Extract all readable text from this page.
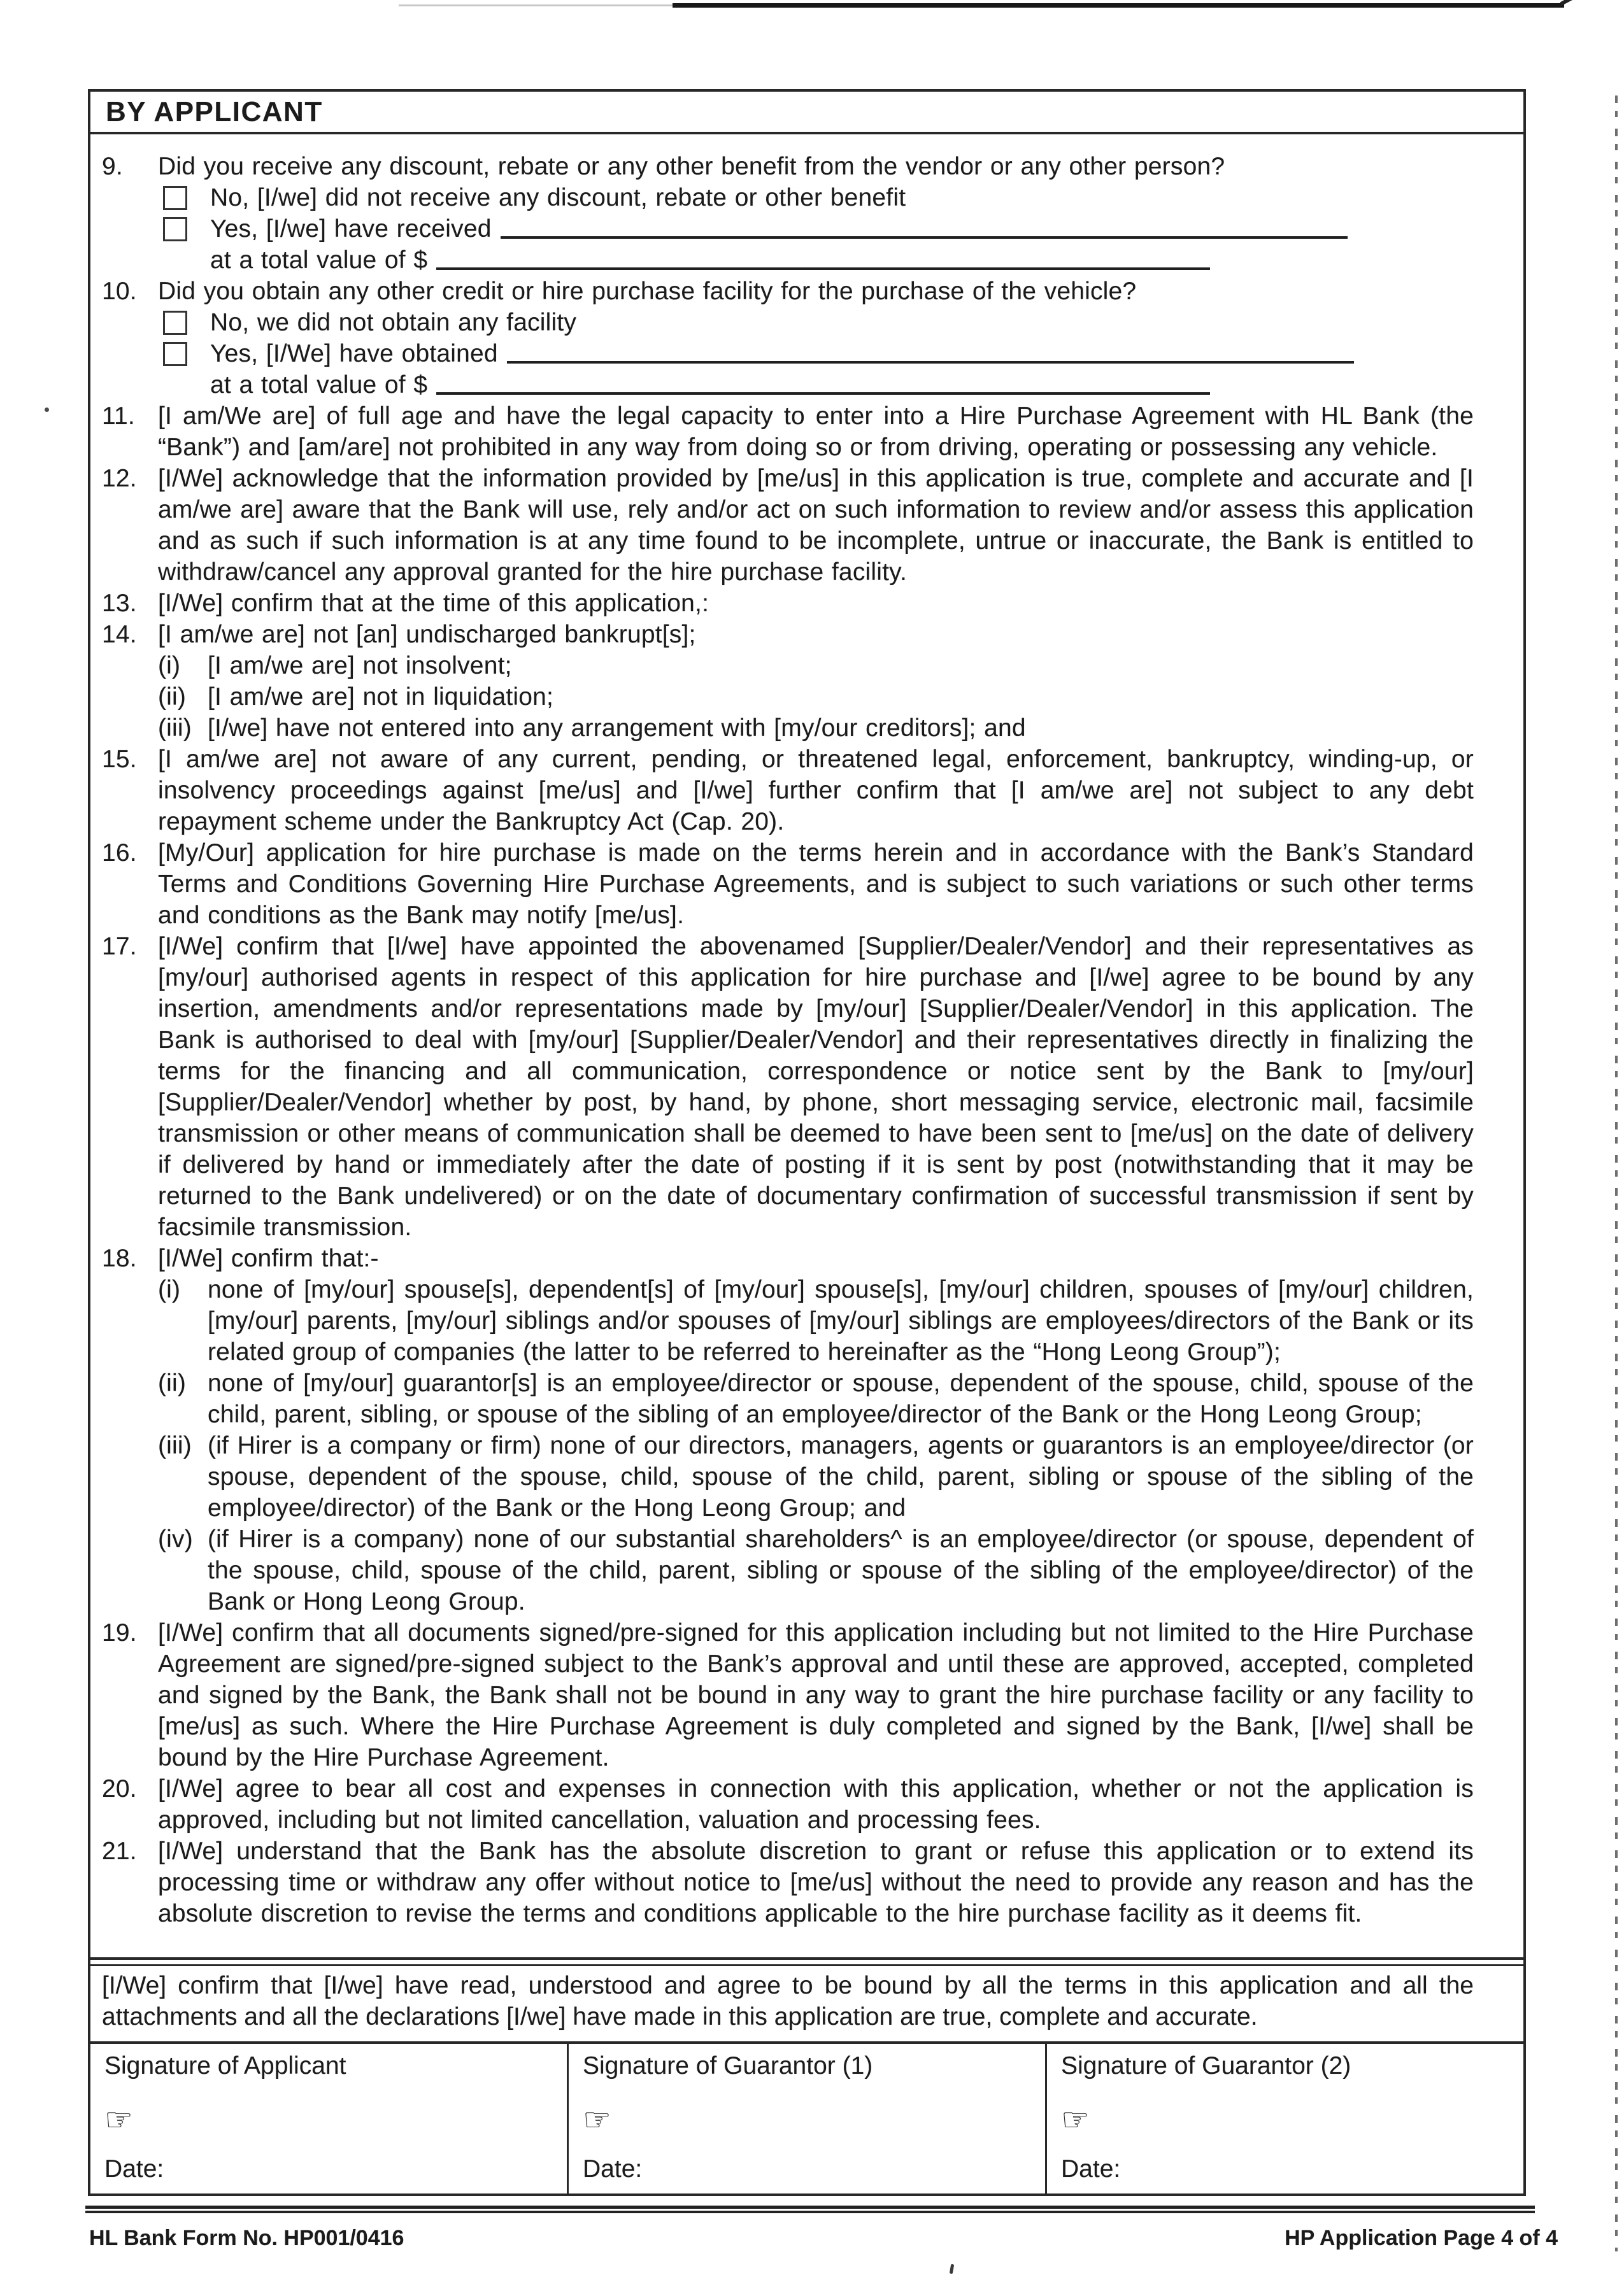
BY APPLICANT
9.	Did you receive any discount, rebate or any other benefit from the vendor or any other person?
No, [I/we] did not receive any discount, rebate or other benefit
Yes, [I/we] have received
at a total value of $
10. Did you obtain any other credit or hire purchase facility for the purchase of the vehicle?
No, we did not obtain any facility
Yes, [I/We] have obtained
at a total value of $
11. [I am/We are] of full age and have the legal capacity to enter into a Hire Purchase Agreement with HL Bank (the “Bank”) and [am/are] not prohibited in any way from doing so or from driving, operating or possessing any vehicle.
12. [I/We] acknowledge that the information provided by [me/us] in this application is true, complete and accurate and [I am/we are] aware that the Bank will use, rely and/or act on such information to review and/or assess this application and as such if such information is at any time found to be incomplete, untrue or inaccurate, the Bank is entitled to withdraw/cancel any approval granted for the hire purchase facility.
13. [I/We] confirm that at the time of this application,:
14. [I am/we are] not [an] undischarged bankrupt[s];
(i)	[I am/we are] not insolvent;
(ii) [I am/we are] not in liquidation;
(iii) [I/we] have not entered into any arrangement with [my/our creditors]; and
15. [I am/we are] not aware of any current, pending, or threatened legal, enforcement, bankruptcy, winding-up, or insolvency proceedings against [me/us] and [I/we] further confirm that [I am/we are] not subject to any debt repayment scheme under the Bankruptcy Act (Cap. 20).
16. [My/Our] application for hire purchase is made on the terms herein and in accordance with the Bank’s Standard Terms and Conditions Governing Hire Purchase Agreements, and is subject to such variations or such other terms and conditions as the Bank may notify [me/us].
17. [I/We] confirm that [I/we] have appointed the abovenamed [Supplier/Dealer/Vendor] and their representatives as [my/our] authorised agents in respect of this application for hire purchase and [I/we] agree to be bound by any insertion, amendments and/or representations made by [my/our] [Supplier/Dealer/Vendor] in this application. The Bank is authorised to deal with [my/our] [Supplier/Dealer/Vendor] and their representatives directly in finalizing the terms for the financing and all communication, correspondence or notice sent by the Bank to [my/our] [Supplier/Dealer/Vendor] whether by post, by hand, by phone, short messaging service, electronic mail, facsimile transmission or other means of communication shall be deemed to have been sent to [me/us] on the date of delivery if delivered by hand or immediately after the date of posting if it is sent by post (notwithstanding that it may be returned to the Bank undelivered) or on the date of documentary confirmation of successful transmission if sent by facsimile transmission.
18. [I/We] confirm that:-
(i)	none of [my/our] spouse[s], dependent[s] of [my/our] spouse[s], [my/our] children, spouses of [my/our] children, [my/our] parents, [my/our] siblings and/or spouses of [my/our] siblings are employees/directors of the Bank or its related group of companies (the latter to be referred to hereinafter as the “Hong Leong Group”);
(ii) none of [my/our] guarantor[s] is an employee/director or spouse, dependent of the spouse, child, spouse of the child, parent, sibling, or spouse of the sibling of an employee/director of the Bank or the Hong Leong Group;
(iii) (if Hirer is a company or firm) none of our directors, managers, agents or guarantors is an employee/director (or spouse, dependent of the spouse, child, spouse of the child, parent, sibling or spouse of the sibling of the employee/director) of the Bank or the Hong Leong Group; and
(iv) (if Hirer is a company) none of our substantial shareholders^ is an employee/director (or spouse, dependent of the spouse, child, spouse of the child, parent, sibling or spouse of the sibling of the employee/director) of the Bank or Hong Leong Group.
19. [I/We] confirm that all documents signed/pre-signed for this application including but not limited to the Hire Purchase Agreement are signed/pre-signed subject to the Bank’s approval and until these are approved, accepted, completed and signed by the Bank, the Bank shall not be bound in any way to grant the hire purchase facility or any facility to [me/us] as such. Where the Hire Purchase Agreement is duly completed and signed by the Bank, [I/we] shall be bound by the Hire Purchase Agreement.
20. [I/We] agree to bear all cost and expenses in connection with this application, whether or not the application is approved, including but not limited cancellation, valuation and processing fees.
21. [I/We] understand that the Bank has the absolute discretion to grant or refuse this application or to extend its processing time or withdraw any offer without notice to [me/us] without the need to provide any reason and has the absolute discretion to revise the terms and conditions applicable to the hire purchase facility as it deems fit.

[I/We] confirm that [I/we] have read, understood and agree to be bound by all the terms in this application and all the attachments and all the declarations [I/we] have made in this application are true, complete and accurate.

Signature of Applicant
☞
Date:
Signature of Guarantor (1)
☞
Date:
Signature of Guarantor (2)
☞
Date:
HL Bank Form No. HP001/0416	HP Application Page 4 of 4
